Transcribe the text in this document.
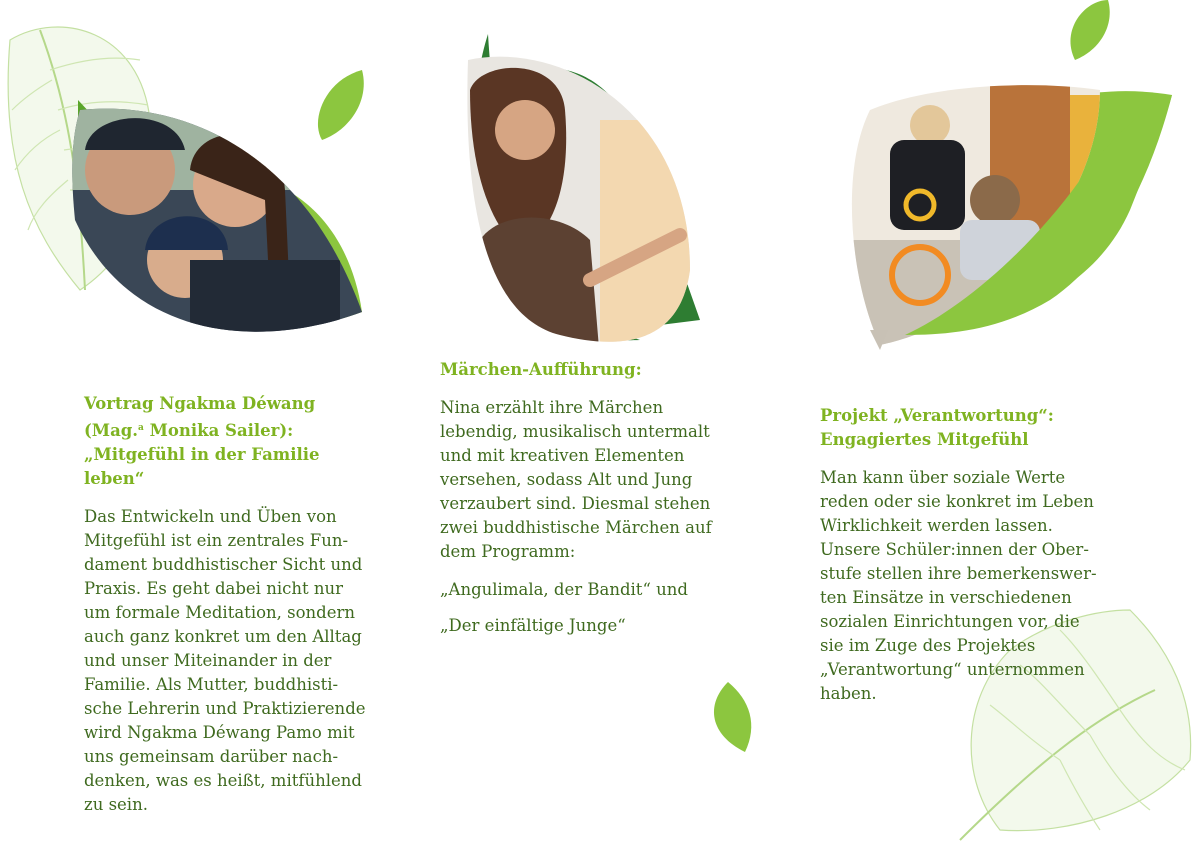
Vortrag Ngakma Déwang
(Mag.$^a$ Monika Sailer):
„Mitgefühl in der Familie leben“

Das Entwickeln und Üben von
Mitgefühl ist ein zentrales Fun-
dament buddhistischer Sicht und
Praxis. Es geht dabei nicht nur
um formale Meditation, sondern
auch ganz konkret um den Alltag
und unser Miteinander in der
Familie. Als Mutter, buddhisti-
sche Lehrerin und Praktizierende
wird Ngakma Déwang Pamo mit
uns gemeinsam darüber nach-
denken, was es heißt, mitfühlend
zu sein.

Märchen-Aufführung:

Nina erzählt ihre Märchen
lebendig, musikalisch untermalt
und mit kreativen Elementen
versehen, sodass Alt und Jung
verzaubert sind. Diesmal stehen
zwei buddhistische Märchen auf
dem Programm:

„Angulimala, der Bandit“ und

„Der einfältige Junge“

Projekt „Verantwortung“:
Engagiertes Mitgefühl

Man kann über soziale Werte
reden oder sie konkret im Leben
Wirklichkeit werden lassen.
Unsere Schüler:innen der Ober-
stufe stellen ihre bemerkenswer-
ten Einsätze in verschiedenen
sozialen Einrichtungen vor, die
sie im Zuge des Projektes
„Verantwortung“ unternommen
haben.
